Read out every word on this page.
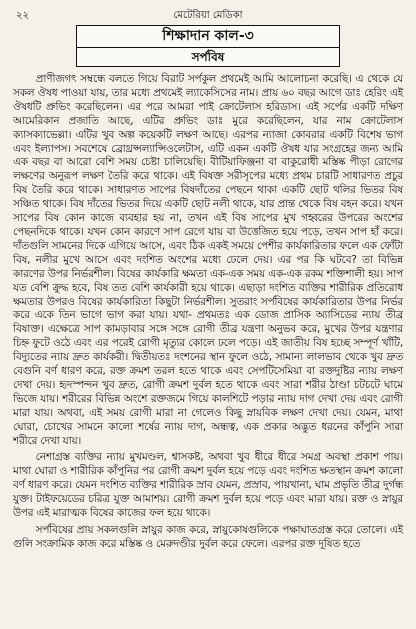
২২	মেটেরিয়া মেডিকা
শিক্ষাদান কাল-৩
সর্পবিষ

প্রাণীজগৎ সম্বন্ধে বলতে গিয়ে বিরাট সর্পকুল প্রথমেই আমি আলোচনা করেছি। এ থেকে যে সকল ঔষধ পাওয়া যায়, তার মধ্যে প্রথমেই ল্যাকেসিসের নাম। প্রায় ৬০ বছর আগে ডাঃ হেরিং এই ঔষধটি প্রুভিং করেছিলেন। এর পরে আমরা পাই ক্রোটেলাস হরিডাস। এই সর্পের একটি দক্ষিণ আমেরিকান প্রজাতি আছে, এটির প্রুভিং ডাঃ মুরে করেছিলেন, যার নাম ক্রোটেলাস ক্যাসক্যাভেল্লা। এটির খুব অল্প কয়েকটি লক্ষণ আছে। এরপর ন্যাজা কোবরার একটি বিশেষ ভাগ এবং ইল্যাপস। সবশেষে ব্রোথ্রপ্সল্যান্সিওলেটাস, এটি একন একটি ঔষধ যার সংগ্রহের জন্য আমি এক বছর বা আরো বেশি সময় চেষ্টা চালিয়েছি। বীটিয়াফিঞ্জনা বা বাকুরোধী মস্তিষ্ক পীড়া রোগের লক্ষণের অনুরূপ লক্ষণ তৈরি করে থাকে। এই বিষক্ত সরীসৃপের মধ্যে প্রথম চারটি সাধারণত প্রচুর বিষ তৈরি করে থাকে। সাধারণত সাপের বিষদাঁতের পেছনে থাকা একটি ছোট থলির ভিতর বিষ সঞ্চিত থাকে। বিষ দাঁতের ভিতর দিয়ে একটি ছোট নলী থাকে, যার প্রান্ত থেকে বিষ বহন করে। যখন সাপের বিষ কোন কাজে ব্যবহার হয় না, তখন এই বিষ সাপের মুখ গহ্বরের উপরের অংশের পেছনদিকে থাকে। যখন কোন কারণে সাপ রেগে যায় বা উত্তেজিত হয়ে পড়ে, তখন সাপ হাঁ করে। দাঁতগুলি সামনের দিকে এগিয়ে আসে, এবং ঠিক একই সময়ে পেশীর কার্যকারিতার ফলে এক ফোঁটা বিষ, নলীর মুখে আসে এবং দংশিত অংশের মধ্যে ঢেলে দেয়। এর পর কি ঘটবে? তা বিভিন্ন কারণের উপর নির্ভরশীল। বিষের কার্যকারি ক্ষমতা এক-এক সময় এক-এক রকম শক্তিশালী হয়। সাপ যত বেশি ক্রুদ্ধ হবে, বিষ তত বেশি কার্যকারী হয়ে থাকে। এছাড়া দংশিত ব্যক্তির শারীরিক প্রতিরোধ ক্ষমতার উপরও বিষের কার্যকারিতা কিছুটা নির্ভরশীল। সুতরাং সর্পবিষের কার্যকারিতার উপর নির্ভর করে একে তিন ভাগে ভাগ করা যায়। যথা- প্রথমতঃ এক ডোজ প্রাসিক অ্যাসিডের ন্যায় তীব্র বিষাক্ত। এক্ষেত্রে সাপ কামড়াবার সঙ্গে সঙ্গে রোগী তীব্র যন্ত্রণা অনুভব করে, মুখের উপর যন্ত্রণার চিহ্ন ফুটে ওঠে এবং এর পরেই রোগী মৃত্যুর কোলে ঢলে পড়ে। এই জাতীয় বিষ হচ্ছে সম্পূর্ণ খাঁটি, বিদ্যুতের ন্যায় দ্রুত কার্যকরী। দ্বিতীয়তঃ দংশনের স্থান ফুলে ওঠে, সামান্য লালভাব থেকে খুব দ্রুত বেগুনি বর্ণ ধারণ করে, রক্ত ক্রমশ তরল হতে থাকে এবং সেপটিসেমিয়া বা রক্তদুষ্টির ন্যায় লক্ষণ দেখা দেয়। হৃদস্পন্দন খুব দ্রুত, রোগী ক্রমশ দুর্বল হতে থাকে এবং সারা শরীর ঠাণ্ডা চটচটে ঘামে ভিজে যায়। শরীরের বিভিন্ন অংশে রক্তজমে গিয়ে কালশিটে পড়ার ন্যায় দাগ দেখা দেয় এবং রোগী মারা যায়। অথবা, এই সময় রোগী মারা না গেলেও কিছু স্নায়বিক লক্ষণ দেখা দেয়। যেমন, মাথা ঘোরা, চোখের সামনে কালো শর্ষের ন্যায় দাগ, অন্ধত্ব, এক প্রকার অদ্ভুত ধরনের কাঁপুনি সারা শরীরে দেখা যায়।

নেশাগ্রস্ত ব্যক্তির ন্যায় মুখমণ্ডল, শ্বাসকষ্ট, অথবা খুব ধীরে ধীরে সমগ্র অবস্থা প্রকাশ পায়। মাথা ঘোরা ও শারীরিক কাঁপুনির পর রোগী ক্রমশ দুর্বল হয়ে পড়ে এবং দংশিত ক্ষতস্থান ক্রমশ কালো বর্ণ ধারণ করে। যেমন দংশিত ব্যক্তির শারীরিক স্রাব যেমন, প্রস্রাব, পায়খানা, ঘাম প্রভৃতি তীব্র দুর্গন্ধ যুক্ত। টাইফয়েডের চরিত্র যুক্ত আমাশয়। রোগী ক্রমশ দুর্বল হয়ে পড়ে এবং মারা যায়। রক্ত ও স্নায়ুর উপর এই মারাত্মক বিষের কাজের ফল হয়ে থাকে।

সর্পবিষের প্রায় সকলগুলি স্নায়ুর কাজ করে, স্নায়ুকোষগুলিকে পক্ষাঘাতগ্রস্ত করে তোলে। এই গুলি সংক্রামিক কাজ করে মস্তিষ্ক ও মেরুদণ্ডীর দুর্বল করে ফেলে। এরপর রক্ত দূষিত হতে
